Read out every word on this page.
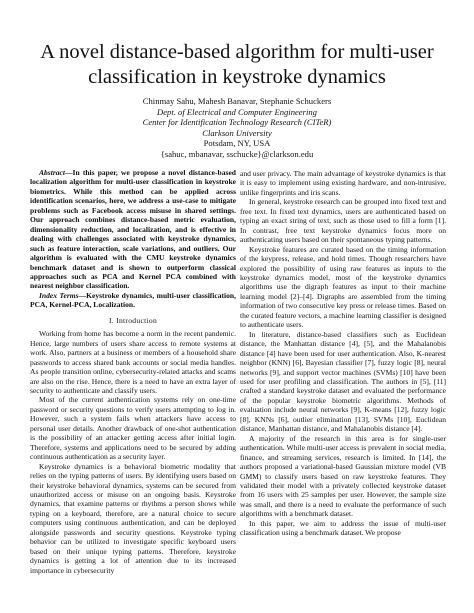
A novel distance-based algorithm for multi-user classification in keystroke dynamics
Chinmay Sahu, Mahesh Banavar, Stephanie Schuckers
Dept. of Electrical and Computer Engineering
Center for Identification Technology Research (CITeR)
Clarkson University
Potsdam, NY, USA
{sahuc, mbanavar, sschucke}@clarkson.edu

Abstract—In this paper, we propose a novel distance-based localization algorithm for multi-user classification in keystroke biometrics. While this method can be applied across identification scenarios, here, we address a use-case to mitigate problems such as Facebook access misuse in shared settings. Our approach combines distance-based metric evaluation, dimensionality reduction, and localization, and is effective in dealing with challenges associated with keystroke dynamics, such as feature interaction, scale variations, and outliers. Our algorithm is evaluated with the CMU keystroke dynamics benchmark dataset and is shown to outperform classical approaches such as PCA and Kernel PCA combined with nearest neighbor classification.

Index Terms—Keystroke dynamics, multi-user classification, PCA, Kernel-PCA, Localization.

I. Introduction

Working from home has become a norm in the recent pandemic. Hence, large numbers of users share access to remote systems at work. Also, partners at a business or members of a household share passwords to access shared bank accounts or social media handles. As people transition online, cybersecurity-related attacks and scams are also on the rise. Hence, there is a need to have an extra layer of security to authenticate and classify users.

Most of the current authentication systems rely on one-time password or security questions to verify users attempting to log in. However, such a system fails when attackers have access to personal user details. Another drawback of one-shot authentication is the possibility of an attacker getting access after initial login. Therefore, systems and applications need to be secured by adding continuous authentication as a security layer.

Keystroke dynamics is a behavioral biometric modality that relies on the typing patterns of users. By identifying users based on their keystroke behavioral dynamics, systems can be secured from unauthorized access or misuse on an ongoing basis. Keystroke dynamics, that examine patterns or rhythms a person shows while typing on a keyboard, therefore, are a natural choice to secure computers using continuous authentication, and can be deployed alongside passwords and security questions. Keystroke typing behavior can be utilized to investigate specific keyboard users based on their unique typing patterns. Therefore, keystroke dynamics is getting a lot of attention due to its increased importance in cybersecurity

and user privacy. The main advantage of keystroke dynamics is that it is easy to implement using existing hardware, and non-intrusive, unlike fingerprints and iris scans.

In general, keystroke research can be grouped into fixed text and free text. In fixed text dynamics, users are authenticated based on typing an exact string of text, such as those used to fill a form [1]. In contrast, free text keystroke dynamics focus more on authenticating users based on their spontaneous typing patterns.

Keystroke features are curated based on the timing information of the keypress, release, and hold times. Though researchers have explored the possibility of using raw features as inputs to the keystroke dynamics model, most of the keystroke dynamics algorithms use the digraph features as input to their machine learning model [2]–[4]. Digraphs are assembled from the timing information of two consecutive key press or release times. Based on the curated feature vectors, a machine learning classifier is designed to authenticate users.

In literature, distance-based classifiers such as Euclidean distance, the Manhattan distance [4], [5], and the Mahalanobis distance [4] have been used for user authentication. Also, K-nearest neighbor (KNN) [6], Bayesian classifier [7], fuzzy logic [8], neural networks [9], and support vector machines (SVMs) [10] have been used for user profiling and classification. The authors in [5], [11] crafted a standard keystroke dataset and evaluated the performance of the popular keystroke biometric algorithms. Methods of evaluation include neural networks [9], K-means [12], fuzzy logic [8], KNNs [6], outlier elimination [13], SVMs [10], Euclidean distance, Manhattan distance, and Mahalanobis distance [4].

A majority of the research in this area is for single-user authentication. While multi-user access is prevalent in social media, finance, and streaming services, research is limited. In [14], the authors proposed a variational-based Gaussian mixture model (VB GMM) to classify users based on raw keystroke features. They validated their model with a privately collected keystroke dataset from 16 users with 25 samples per user. However, the sample size was small, and there is a need to evaluate the performance of such algorithms with a benchmark dataset.

In this paper, we aim to address the issue of multi-user classification using a benchmark dataset. We propose
